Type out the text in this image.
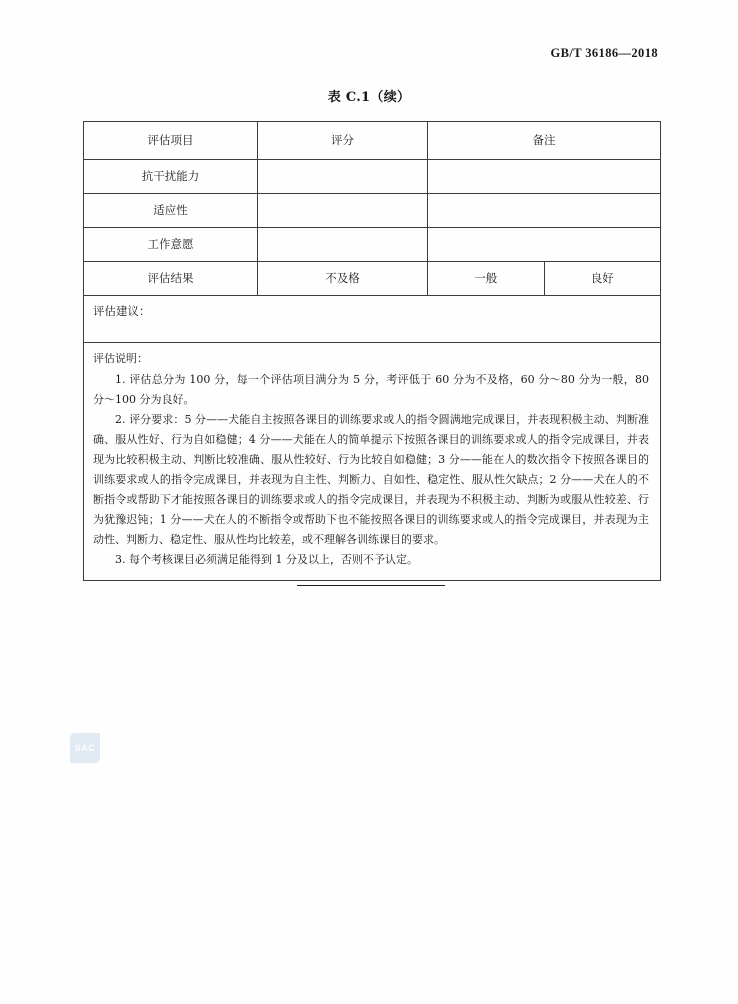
GB/T 36186—2018
表 C.1（续）
评估项目	评分	备注	
抗干扰能力			
适应性			
工作意愿			
评估结果	不及格	一般	良好
评估建议：			

评估说明：
1. 评估总分为 100 分，每一个评估项目满分为 5 分，考评低于 60 分为不及格，60 分～80 分为一般，80 分～100 分为良好。
2. 评分要求：5 分——犬能自主按照各课目的训练要求或人的指令圆满地完成课目，并表现积极主动、判断准确、服从性好、行为自如稳健；4 分——犬能在人的简单提示下按照各课目的训练要求或人的指令完成课目，并表现为比较积极主动、判断比较准确、服从性较好、行为比较自如稳健；3 分——能在人的数次指令下按照各课目的训练要求或人的指令完成课目，并表现为自主性、判断力、自如性、稳定性、服从性欠缺点；2 分——犬在人的不断指令或帮助下才能按照各课目的训练要求或人的指令完成课目，并表现为不积极主动、判断为或服从性较差、行为犹豫迟钝；1 分——犬在人的不断指令或帮助下也不能按照各课目的训练要求或人的指令完成课目，并表现为主动性、判断力、稳定性、服从性均比较差，或不理解各训练课目的要求。
3. 每个考核课目必须满足能得到 1 分及以上，否则不予认定。			
SAC
